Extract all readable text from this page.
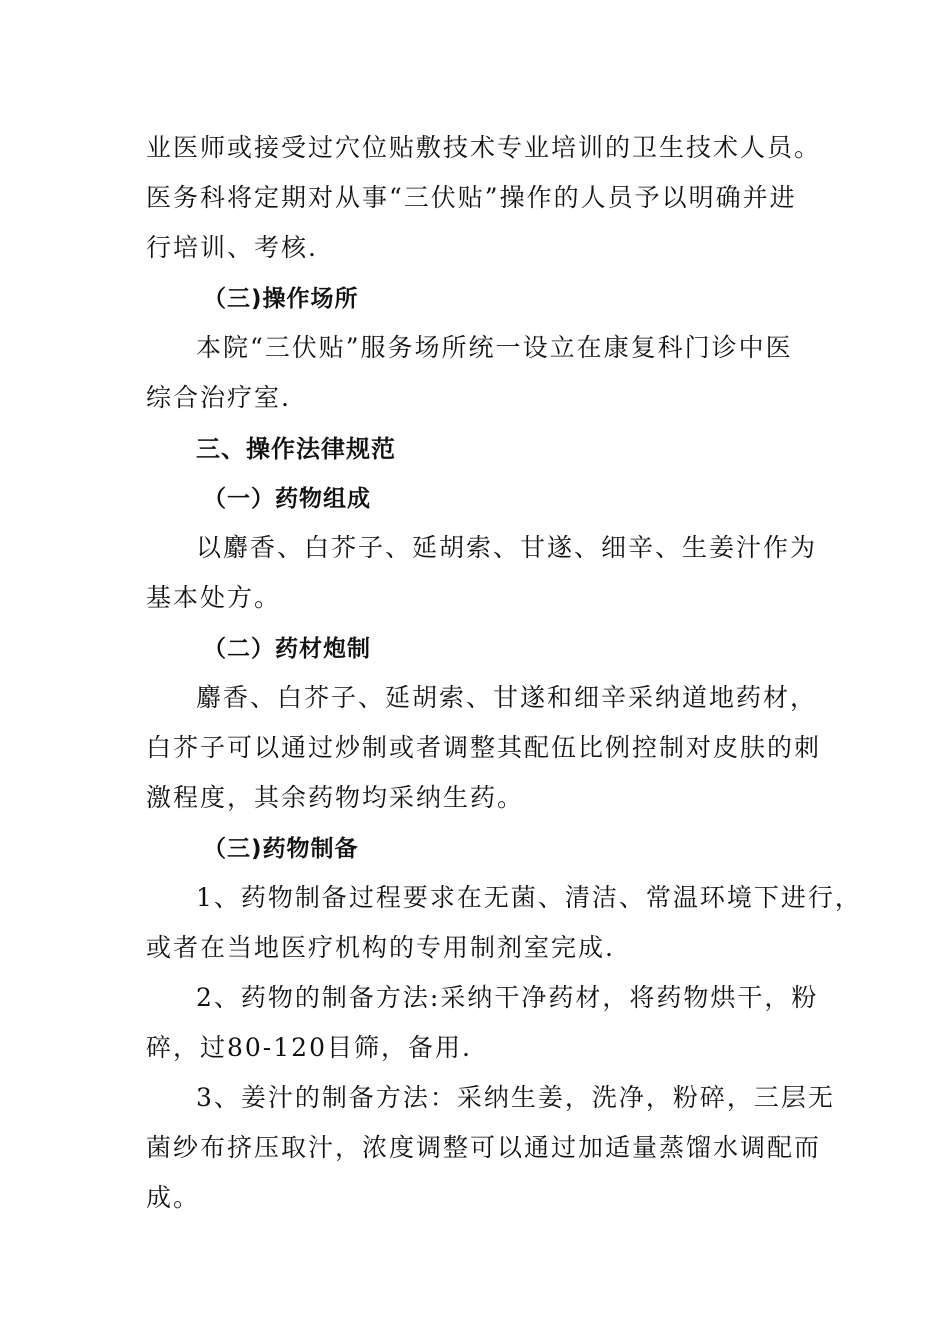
业医师或接受过穴位贴敷技术专业培训的卫生技术人员。
医务科将定期对从事“三伏贴”操作的人员予以明确并进
行培训、考核.
（三)操作场所
本院“三伏贴”服务场所统一设立在康复科门诊中医
综合治疗室.
三、操作法律规范
（一）药物组成
以麝香、白芥子、延胡索、甘遂、细辛、生姜汁作为
基本处方。
（二）药材炮制
麝香、白芥子、延胡索、甘遂和细辛采纳道地药材，
白芥子可以通过炒制或者调整其配伍比例控制对皮肤的刺
激程度，其余药物均采纳生药。
（三)药物制备
1、药物制备过程要求在无菌、清洁、常温环境下进行，
或者在当地医疗机构的专用制剂室完成.
2、药物的制备方法:采纳干净药材，将药物烘干，粉
碎，过80-120目筛，备用.
3、姜汁的制备方法：采纳生姜，洗净，粉碎，三层无
菌纱布挤压取汁，浓度调整可以通过加适量蒸馏水调配而
成。
